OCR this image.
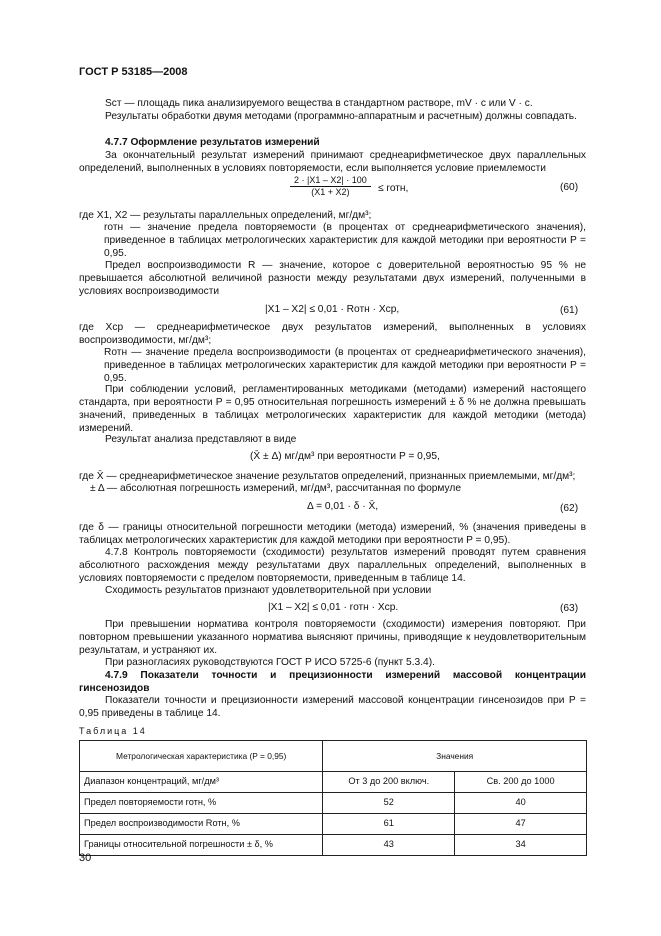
ГОСТ Р 53185—2008
Sст — площадь пика анализируемого вещества в стандартном растворе, mV · c или V · c.
Результаты обработки двумя методами (программно-аппаратным и расчетным) должны совпадать.
4.7.7 Оформление результатов измерений
За окончательный результат измерений принимают среднеарифметическое двух параллельных определений, выполненных в условиях повторяемости, если выполняется условие приемлемости
$\frac{2 \cdot |X1 - X2| \cdot 100}{(X1 + X2)}$ ≤ rотн,	(60)
где X1, X2 — результаты параллельных определений, мг/дм³;
rотн — значение предела повторяемости (в процентах от среднеарифметического значения), приведенное в таблицах метрологических характеристик для каждой методики при вероятности P = 0,95.
Предел воспроизводимости R — значение, которое с доверительной вероятностью 95 % не превышается абсолютной величиной разности между результатами двух измерений, полученными в условиях воспроизводимости
|X1 – X2| ≤ 0,01 · Rотн · Xср,	(61)
где Xср — среднеарифметическое двух результатов измерений, выполненных в условиях воспроизводимости, мг/дм³;
Rотн — значение предела воспроизводимости (в процентах от среднеарифметического значения), приведенное в таблицах метрологических характеристик для каждой методики при вероятности P = 0,95.
При соблюдении условий, регламентированных методиками (методами) измерений настоящего стандарта, при вероятности P = 0,95 относительная погрешность измерений ± δ % не должна превышать значений, приведенных в таблицах метрологических характеристик для каждой методики (метода) измерений.
Результат анализа представляют в виде
(X̄ ± Δ) мг/дм³ при вероятности P = 0,95,
где X̄ — среднеарифметическое значение результатов определений, признанных приемлемыми, мг/дм³;
± Δ — абсолютная погрешность измерений, мг/дм³, рассчитанная по формуле
Δ = 0,01 · δ · X̄,	(62)
где δ — границы относительной погрешности методики (метода) измерений, % (значения приведены в таблицах метрологических характеристик для каждой методики при вероятности P = 0,95).
4.7.8 Контроль повторяемости (сходимости) результатов измерений проводят путем сравнения абсолютного расхождения между результатами двух параллельных определений, выполненных в условиях повторяемости с пределом повторяемости, приведенным в таблице 14.
Сходимость результатов признают удовлетворительной при условии
|X1 – X2| ≤ 0,01 · rотн · Xср.	(63)
При превышении норматива контроля повторяемости (сходимости) измерения повторяют. При повторном превышении указанного норматива выясняют причины, приводящие к неудовлетворительным результатам, и устраняют их.
При разногласиях руководствуются ГОСТ Р ИСО 5725-6 (пункт 5.3.4).
4.7.9 Показатели точности и прецизионности измерений массовой концентрации гинсенозидов
Показатели точности и прецизионности измерений массовой концентрации гинсенозидов при P = 0,95 приведены в таблице 14.
Таблица 14
Метрологическая характеристика (P = 0,95)	Значения	
Диапазон концентраций, мг/дм³	От 3 до 200 включ.	Св. 200 до 1000
Предел повторяемости rотн, %	52	40
Предел воспроизводимости Rотн, %	61	47
Границы относительной погрешности ± δ, %	43	34
30
